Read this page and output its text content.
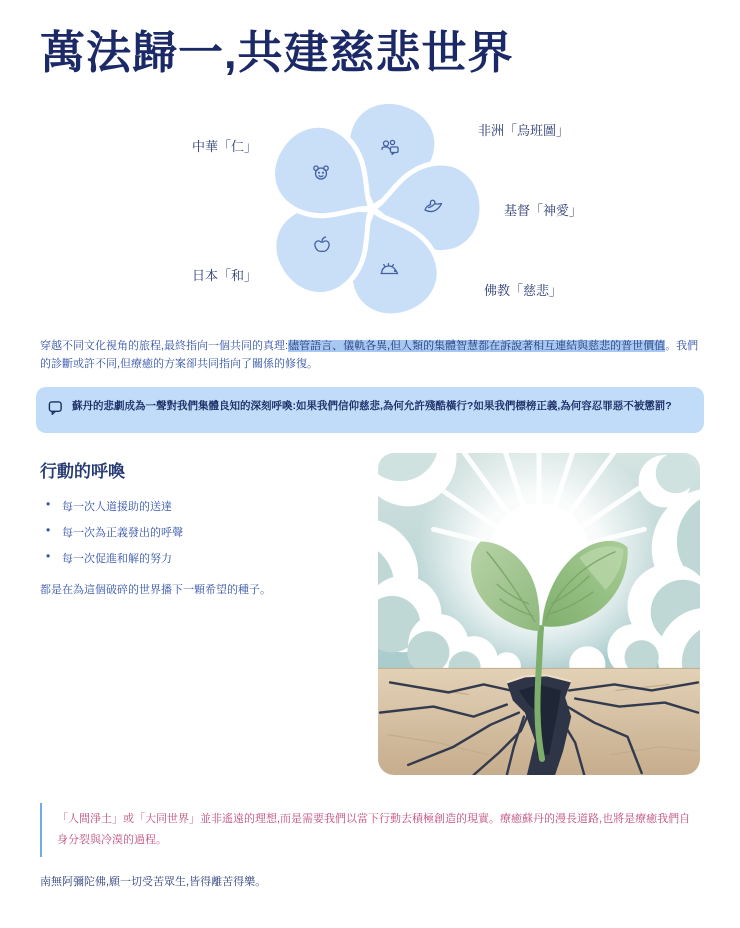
萬法歸一,共建慈悲世界
中華「仁」
非洲「烏班圖」
基督「神愛」
佛教「慈悲」
日本「和」

穿越不同文化視角的旅程,最終指向一個共同的真理:儘管語言、儀軌各異,但人類的集體智慧都在訴說著相互連結與慈悲的普世價值。我們的診斷或許不同,但療癒的方案卻共同指向了關係的修復。

蘇丹的悲劇成為一聲對我們集體良知的深刻呼喚:如果我們信仰慈悲,為何允許殘酷橫行?如果我們標榜正義,為何容忍罪惡不被懲罰?
行動的呼喚
• 每一次人道援助的送達
• 每一次為正義發出的呼聲
• 每一次促進和解的努力

都是在為這個破碎的世界播下一顆希望的種子。

「人間淨土」或「大同世界」並非遙遠的理想,而是需要我們以當下行動去積極創造的現實。療癒蘇丹的漫長道路,也將是療癒我們自身分裂與冷漠的過程。

南無阿彌陀佛,願一切受苦眾生,皆得離苦得樂。
